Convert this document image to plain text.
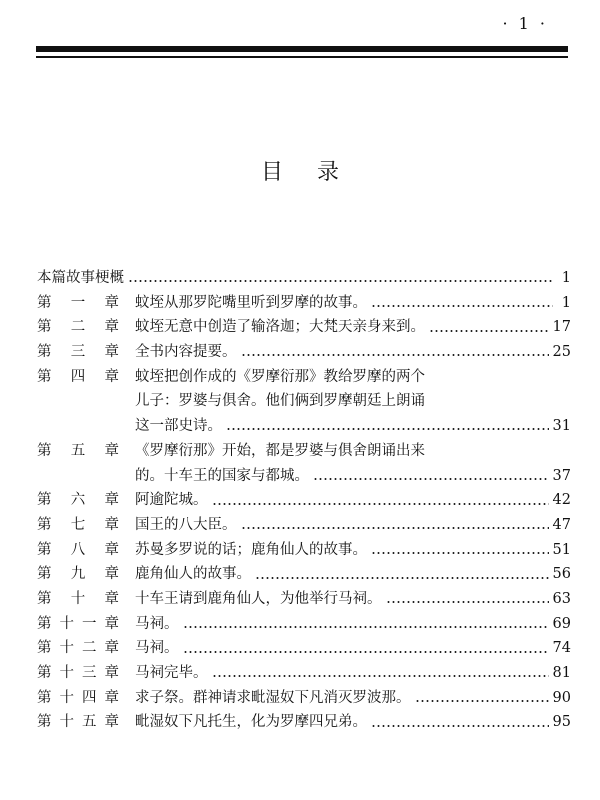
· 1 ·
目录
本篇故事梗概	1
第一章 蚊垤从那罗陀嘴里听到罗摩的故事。	1
第二章 蚊垤无意中创造了输洛迦；大梵天亲身来到。	17
第三章 全书内容提要。	25
第四章 蚊垤把创作成的《罗摩衍那》教给罗摩的两个
儿子：罗婆与俱舍。他们俩到罗摩朝廷上朗诵
这一部史诗。	31
第五章 《罗摩衍那》开始，都是罗婆与俱舍朗诵出来
的。十车王的国家与都城。	37
第六章 阿逾陀城。	42
第七章 国王的八大臣。	47
第八章 苏曼多罗说的话；鹿角仙人的故事。	51
第九章 鹿角仙人的故事。	56
第十章 十车王请到鹿角仙人，为他举行马祠。	63
第十一章 马祠。	69
第十二章 马祠。	74
第十三章 马祠完毕。	81
第十四章 求子祭。群神请求毗湿奴下凡消灭罗波那。	90
第十五章 毗湿奴下凡托生，化为罗摩四兄弟。	95
